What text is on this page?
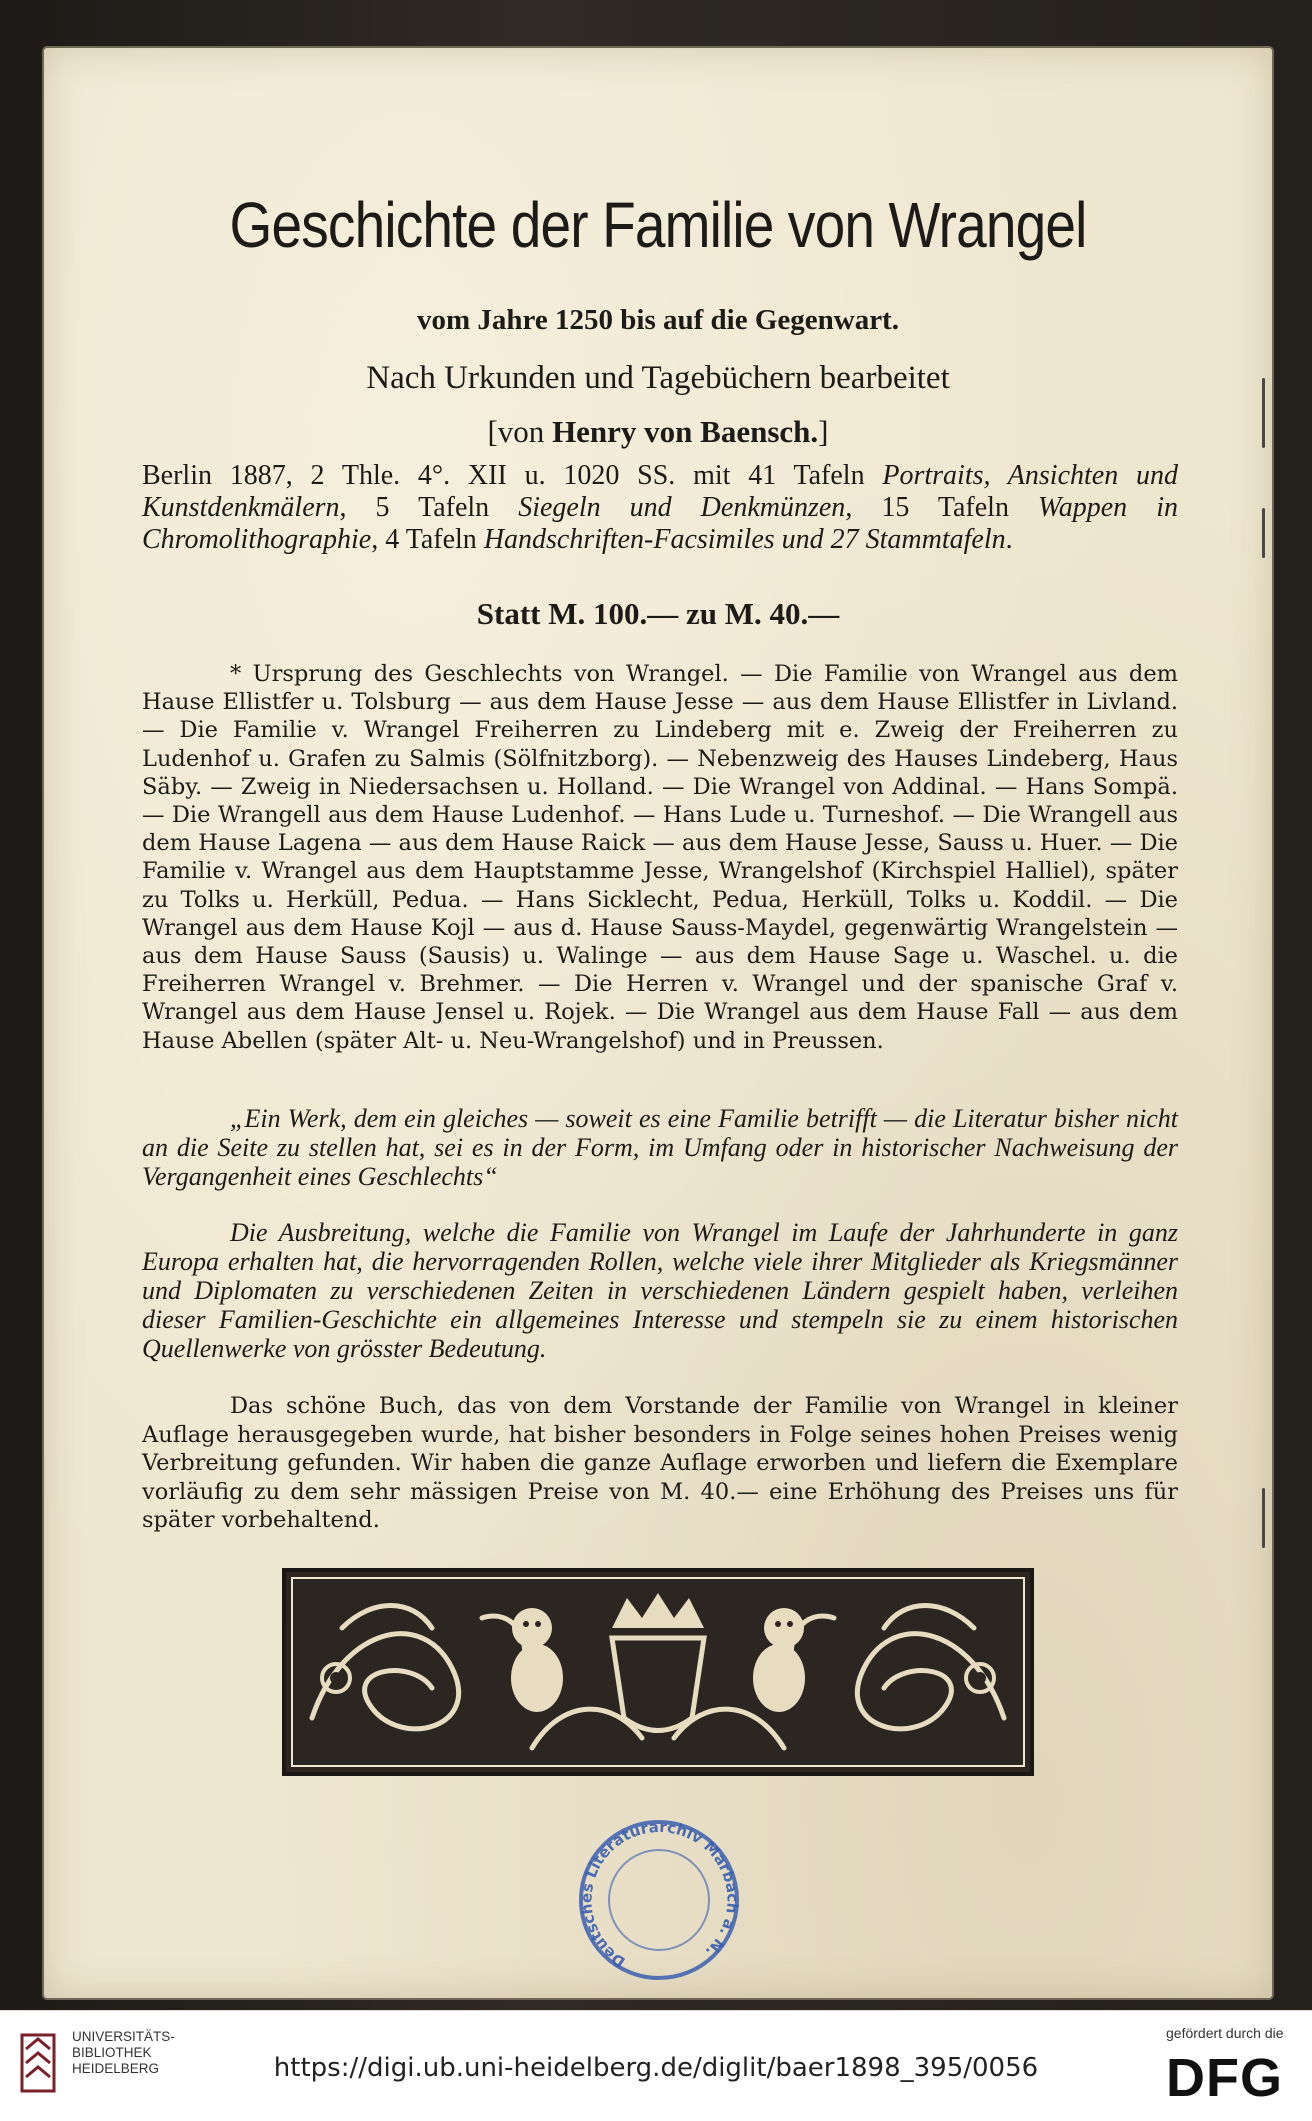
Geschichte der Familie von Wrangel
vom Jahre 1250 bis auf die Gegenwart.
Nach Urkunden und Tagebüchern bearbeitet
[von Henry von Baensch.]
Berlin 1887, 2 Thle. 4°. XII u. 1020 SS. mit 41 Tafeln Portraits, Ansichten und Kunstdenkmälern, 5 Tafeln Siegeln und Denkmünzen, 15 Tafeln Wappen in Chromolithographie, 4 Tafeln Handschriften-Facsimiles und 27 Stammtafeln.
Statt M. 100.— zu M. 40.—
* Ursprung des Geschlechts von Wrangel. — Die Familie von Wrangel aus dem Hause Ellistfer u. Tolsburg — aus dem Hause Jesse — aus dem Hause Ellistfer in Livland. — Die Familie v. Wrangel Freiherren zu Lindeberg mit e. Zweig der Freiherren zu Ludenhof u. Grafen zu Salmis (Sölfnitzborg). — Nebenzweig des Hauses Lindeberg, Haus Säby. — Zweig in Niedersachsen u. Holland. — Die Wrangel von Addinal. — Hans Sompä. — Die Wrangell aus dem Hause Ludenhof. — Hans Lude u. Turneshof. — Die Wrangell aus dem Hause Lagena — aus dem Hause Raick — aus dem Hause Jesse, Sauss u. Huer. — Die Familie v. Wrangel aus dem Hauptstamme Jesse, Wrangelshof (Kirchspiel Halliel), später zu Tolks u. Herküll, Pedua. — Hans Sicklecht, Pedua, Herküll, Tolks u. Koddil. — Die Wrangel aus dem Hause Kojl — aus d. Hause Sauss-Maydel, gegenwärtig Wrangelstein — aus dem Hause Sauss (Sausis) u. Walinge — aus dem Hause Sage u. Waschel. u. die Freiherren Wrangel v. Brehmer. — Die Herren v. Wrangel und der spanische Graf v. Wrangel aus dem Hause Jensel u. Rojek. — Die Wrangel aus dem Hause Fall — aus dem Hause Abellen (später Alt- u. Neu-Wrangelshof) und in Preussen.
„Ein Werk, dem ein gleiches — soweit es eine Familie betrifft — die Literatur bisher nicht an die Seite zu stellen hat, sei es in der Form, im Umfang oder in historischer Nachweisung der Vergangenheit eines Geschlechts“
Die Ausbreitung, welche die Familie von Wrangel im Laufe der Jahrhunderte in ganz Europa erhalten hat, die hervorragenden Rollen, welche viele ihrer Mitglieder als Kriegsmänner und Diplomaten zu verschiedenen Zeiten in verschiedenen Ländern gespielt haben, verleihen dieser Familien-Geschichte ein allgemeines Interesse und stempeln sie zu einem historischen Quellenwerke von grösster Bedeutung.
Das schöne Buch, das von dem Vorstande der Familie von Wrangel in kleiner Auflage herausgegeben wurde, hat bisher besonders in Folge seines hohen Preises wenig Verbreitung gefunden. Wir haben die ganze Auflage erworben und liefern die Exemplare vorläufig zu dem sehr mässigen Preise von M. 40.— eine Erhöhung des Preises uns für später vorbehaltend.
Deutsches Literaturarchiv Marbach a. N.
UNIVERSITÄTS-
BIBLIOTHEK
HEIDELBERG	https://digi.ub.uni-heidelberg.de/diglit/baer1898_395/0056
gefördert durch die
DFG
